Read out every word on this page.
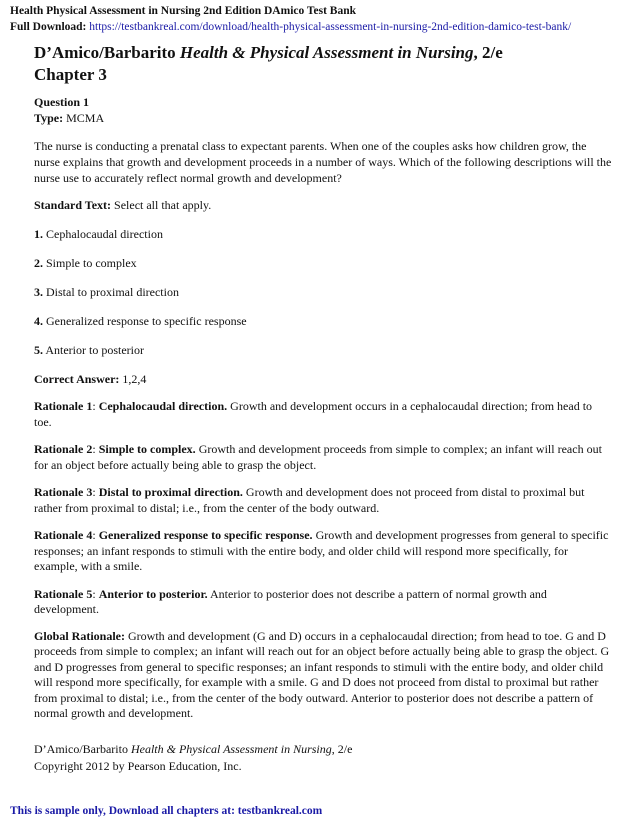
Health Physical Assessment in Nursing 2nd Edition DAmico Test Bank
Full Download: https://testbankreal.com/download/health-physical-assessment-in-nursing-2nd-edition-damico-test-bank/
D’Amico/Barbarito Health & Physical Assessment in Nursing, 2/e
Chapter 3
Question 1
Type: MCMA
The nurse is conducting a prenatal class to expectant parents. When one of the couples asks how children grow, the nurse explains that growth and development proceeds in a number of ways. Which of the following descriptions will the nurse use to accurately reflect normal growth and development?
Standard Text: Select all that apply.
1. Cephalocaudal direction
2. Simple to complex
3. Distal to proximal direction
4. Generalized response to specific response
5. Anterior to posterior
Correct Answer: 1,2,4
Rationale 1: Cephalocaudal direction. Growth and development occurs in a cephalocaudal direction; from head to toe.
Rationale 2: Simple to complex. Growth and development proceeds from simple to complex; an infant will reach out for an object before actually being able to grasp the object.
Rationale 3: Distal to proximal direction. Growth and development does not proceed from distal to proximal but rather from proximal to distal; i.e., from the center of the body outward.
Rationale 4: Generalized response to specific response. Growth and development progresses from general to specific responses; an infant responds to stimuli with the entire body, and older child will respond more specifically, for example, with a smile.
Rationale 5: Anterior to posterior. Anterior to posterior does not describe a pattern of normal growth and development.
Global Rationale: Growth and development (G and D) occurs in a cephalocaudal direction; from head to toe. G and D proceeds from simple to complex; an infant will reach out for an object before actually being able to grasp the object. G and D progresses from general to specific responses; an infant responds to stimuli with the entire body, and older child will respond more specifically, for example with a smile. G and D does not proceed from distal to proximal but rather from proximal to distal; i.e., from the center of the body outward. Anterior to posterior does not describe a pattern of normal growth and development.
D’Amico/Barbarito Health & Physical Assessment in Nursing, 2/e
Copyright 2012 by Pearson Education, Inc.
This is sample only, Download all chapters at: testbankreal.com
